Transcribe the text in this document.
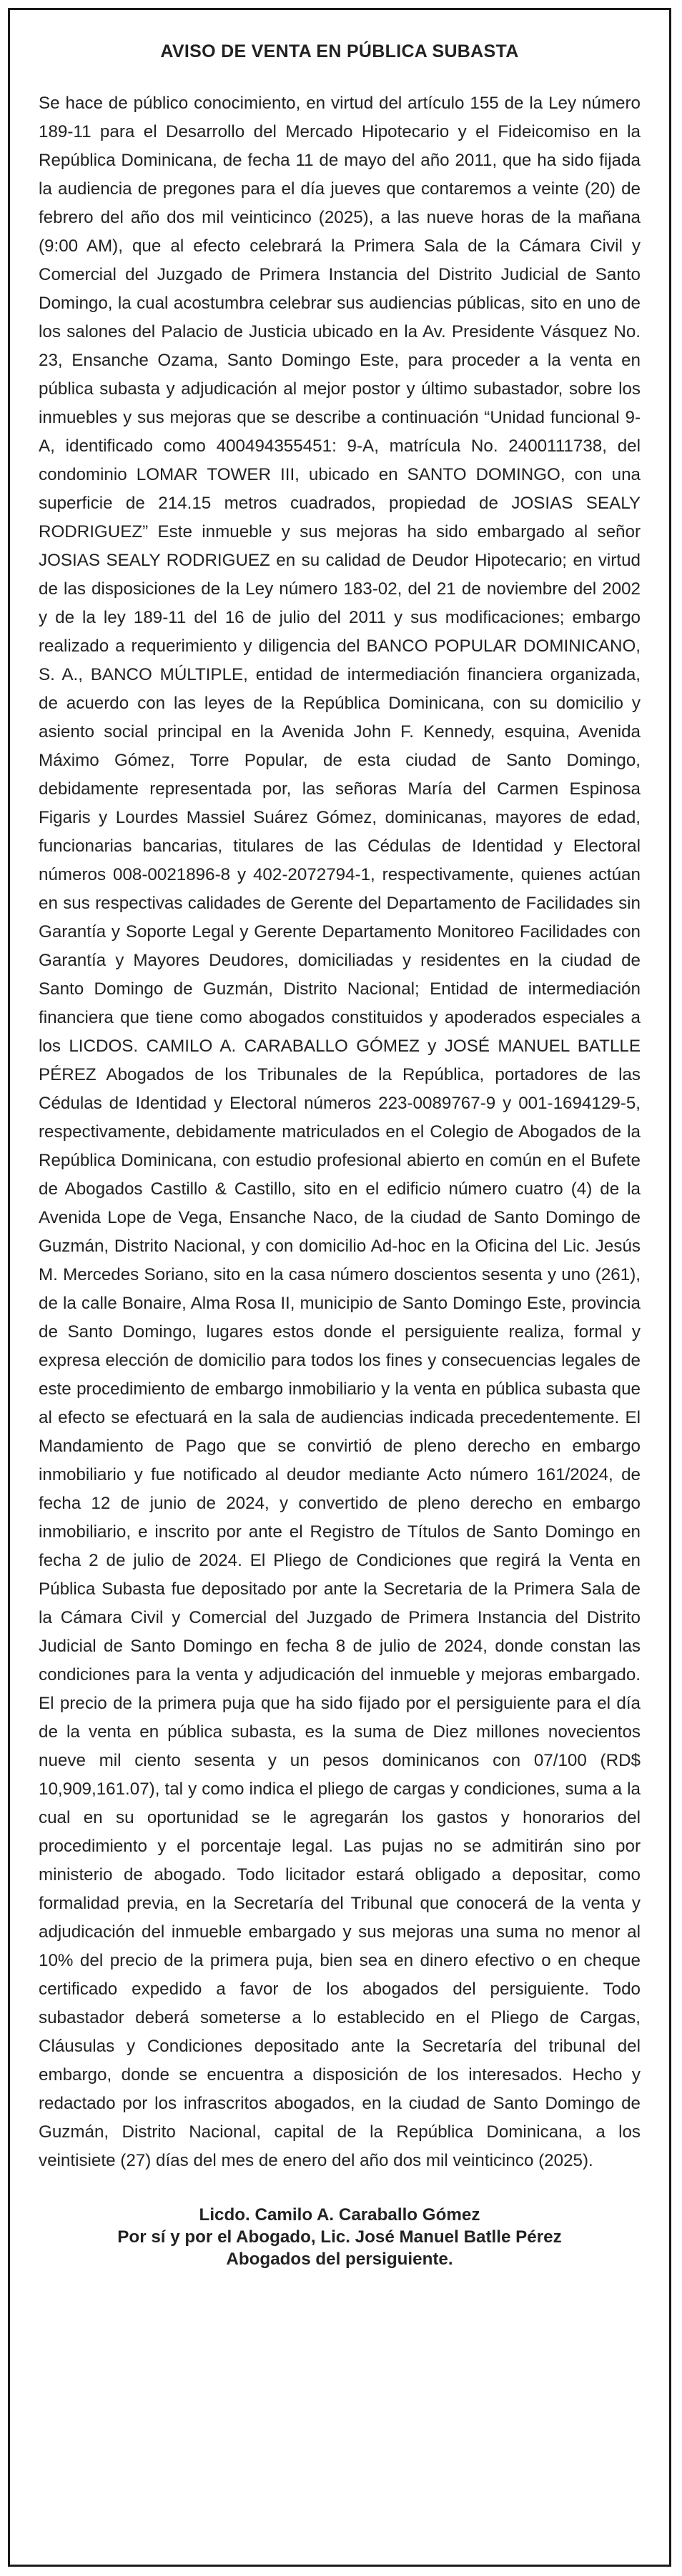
AVISO DE VENTA EN PÚBLICA SUBASTA

Se hace de público conocimiento, en virtud del artículo 155 de la Ley número 189-11 para el Desarrollo del Mercado Hipotecario y el Fideicomiso en la República Dominicana, de fecha 11 de mayo del año 2011, que ha sido fijada la audiencia de pregones para el día jueves que contaremos a veinte (20) de febrero del año dos mil veinticinco (2025), a las nueve horas de la mañana (9:00 AM), que al efecto celebrará la Primera Sala de la Cámara Civil y Comercial del Juzgado de Primera Instancia del Distrito Judicial de Santo Domingo, la cual acostumbra celebrar sus audiencias públicas, sito en uno de los salones del Palacio de Justicia ubicado en la Av. Presidente Vásquez No. 23, Ensanche Ozama, Santo Domingo Este, para proceder a la venta en pública subasta y adjudicación al mejor postor y último subastador, sobre los inmuebles y sus mejoras que se describe a continuación “Unidad funcional 9-A, identificado como 400494355451: 9-A, matrícula No. 2400111738, del condominio LOMAR TOWER III, ubicado en SANTO DOMINGO, con una superficie de 214.15 metros cuadrados, propiedad de JOSIAS SEALY RODRIGUEZ” Este inmueble y sus mejoras ha sido embargado al señor JOSIAS SEALY RODRIGUEZ en su calidad de Deudor Hipotecario; en virtud de las disposiciones de la Ley número 183-02, del 21 de noviembre del 2002 y de la ley 189-11 del 16 de julio del 2011 y sus modificaciones; embargo realizado a requerimiento y diligencia del BANCO POPULAR DOMINICANO, S. A., BANCO MÚLTIPLE, entidad de intermediación financiera organizada, de acuerdo con las leyes de la República Dominicana, con su domicilio y asiento social principal en la Avenida John F. Kennedy, esquina, Avenida Máximo Gómez, Torre Popular, de esta ciudad de Santo Domingo, debidamente representada por, las señoras María del Carmen Espinosa Figaris y Lourdes Massiel Suárez Gómez, dominicanas, mayores de edad, funcionarias bancarias, titulares de las Cédulas de Identidad y Electoral números 008-0021896-8 y 402-2072794-1, respectivamente, quienes actúan en sus respectivas calidades de Gerente del Departamento de Facilidades sin Garantía y Soporte Legal y Gerente Departamento Monitoreo Facilidades con Garantía y Mayores Deudores, domiciliadas y residentes en la ciudad de Santo Domingo de Guzmán, Distrito Nacional; Entidad de intermediación financiera que tiene como abogados constituidos y apoderados especiales a los LICDOS. CAMILO A. CARABALLO GÓMEZ y JOSÉ MANUEL BATLLE PÉREZ Abogados de los Tribunales de la República, portadores de las Cédulas de Identidad y Electoral números 223-0089767-9 y 001-1694129-5, respectivamente, debidamente matriculados en el Colegio de Abogados de la República Dominicana, con estudio profesional abierto en común en el Bufete de Abogados Castillo & Castillo, sito en el edificio número cuatro (4) de la Avenida Lope de Vega, Ensanche Naco, de la ciudad de Santo Domingo de Guzmán, Distrito Nacional, y con domicilio Ad-hoc en la Oficina del Lic. Jesús M. Mercedes Soriano, sito en la casa número doscientos sesenta y uno (261), de la calle Bonaire, Alma Rosa II, municipio de Santo Domingo Este, provincia de Santo Domingo, lugares estos donde el persiguiente realiza, formal y expresa elección de domicilio para todos los fines y consecuencias legales de este procedimiento de embargo inmobiliario y la venta en pública subasta que al efecto se efectuará en la sala de audiencias indicada precedentemente. El Mandamiento de Pago que se convirtió de pleno derecho en embargo inmobiliario y fue notificado al deudor mediante Acto número 161/2024, de fecha 12 de junio de 2024, y convertido de pleno derecho en embargo inmobiliario, e inscrito por ante el Registro de Títulos de Santo Domingo en fecha 2 de julio de 2024. El Pliego de Condiciones que regirá la Venta en Pública Subasta fue depositado por ante la Secretaria de la Primera Sala de la Cámara Civil y Comercial del Juzgado de Primera Instancia del Distrito Judicial de Santo Domingo en fecha 8 de julio de 2024, donde constan las condiciones para la venta y adjudicación del inmueble y mejoras embargado. El precio de la primera puja que ha sido fijado por el persiguiente para el día de la venta en pública subasta, es la suma de Diez millones novecientos nueve mil ciento sesenta y un pesos dominicanos con 07/100 (RD$ 10,909,161.07), tal y como indica el pliego de cargas y condiciones, suma a la cual en su oportunidad se le agregarán los gastos y honorarios del procedimiento y el porcentaje legal. Las pujas no se admitirán sino por ministerio de abogado. Todo licitador estará obligado a depositar, como formalidad previa, en la Secretaría del Tribunal que conocerá de la venta y adjudicación del inmueble embargado y sus mejoras una suma no menor al 10% del precio de la primera puja, bien sea en dinero efectivo o en cheque certificado expedido a favor de los abogados del persiguiente. Todo subastador deberá someterse a lo establecido en el Pliego de Cargas, Cláusulas y Condiciones depositado ante la Secretaría del tribunal del embargo, donde se encuentra a disposición de los interesados. Hecho y redactado por los infrascritos abogados, en la ciudad de Santo Domingo de Guzmán, Distrito Nacional, capital de la República Dominicana, a los veintisiete (27) días del mes de enero del año dos mil veinticinco (2025).

Licdo. Camilo A. Caraballo Gómez
Por sí y por el Abogado, Lic. José Manuel Batlle Pérez
Abogados del persiguiente.
